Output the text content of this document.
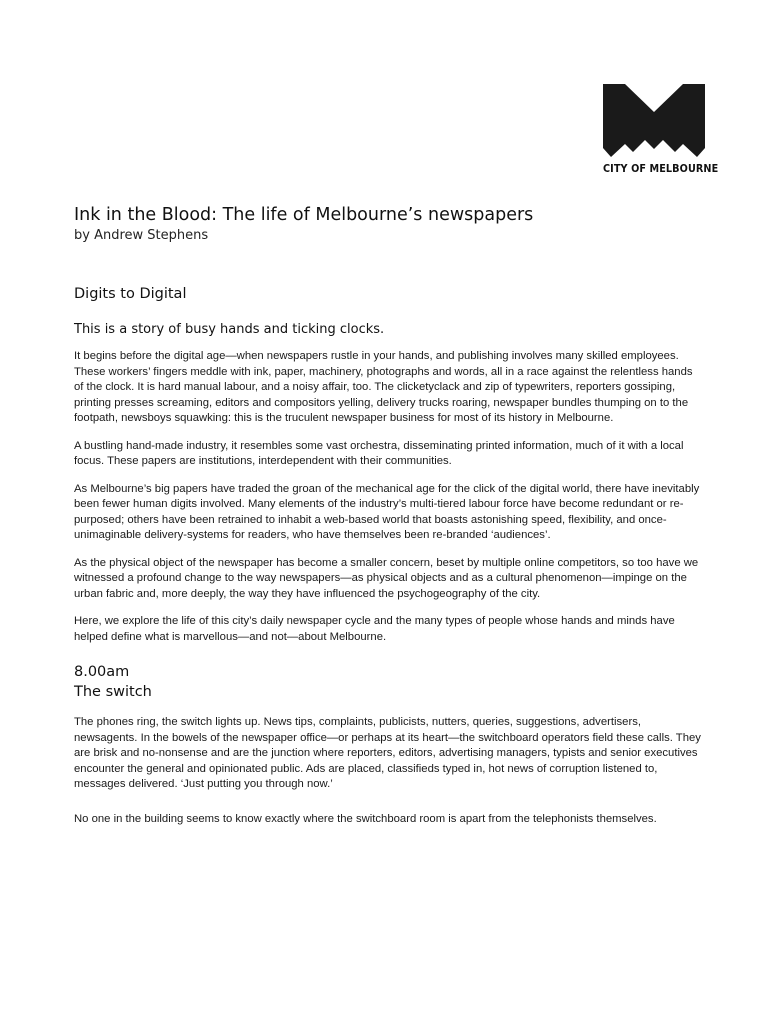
CITY OF MELBOURNE
Ink in the Blood: The life of Melbourne’s newspapers
by Andrew Stephens
Digits to Digital
This is a story of busy hands and ticking clocks.

It begins before the digital age—when newspapers rustle in your hands, and publishing involves many skilled employees. These workers’ fingers meddle with ink, paper, machinery, photographs and words, all in a race against the relentless hands of the clock. It is hard manual labour, and a noisy affair, too. The clicketyclack and zip of typewriters, reporters gossiping, printing presses screaming, editors and compositors yelling, delivery trucks roaring, newspaper bundles thumping on to the footpath, newsboys squawking: this is the truculent newspaper business for most of its history in Melbourne.

A bustling hand-made industry, it resembles some vast orchestra, disseminating printed information, much of it with a local focus. These papers are institutions, interdependent with their communities.

As Melbourne’s big papers have traded the groan of the mechanical age for the click of the digital world, there have inevitably been fewer human digits involved. Many elements of the industry’s multi-tiered labour force have become redundant or re-purposed; others have been retrained to inhabit a web-based world that boasts astonishing speed, flexibility, and once-unimaginable delivery-systems for readers, who have themselves been re-branded ‘audiences’.

As the physical object of the newspaper has become a smaller concern, beset by multiple online competitors, so too have we witnessed a profound change to the way newspapers—as physical objects and as a cultural phenomenon—impinge on the urban fabric and, more deeply, the way they have influenced the psychogeography of the city.

Here, we explore the life of this city’s daily newspaper cycle and the many types of people whose hands and minds have helped define what is marvellous—and not—about Melbourne.

8.00am
The switch

The phones ring, the switch lights up. News tips, complaints, publicists, nutters, queries, suggestions, advertisers, newsagents. In the bowels of the newspaper office—or perhaps at its heart—the switchboard operators field these calls. They are brisk and no-nonsense and are the junction where reporters, editors, advertising managers, typists and senior executives encounter the general and opinionated public. Ads are placed, classifieds typed in, hot news of corruption listened to, messages delivered. ‘Just putting you through now.’

No one in the building seems to know exactly where the switchboard room is apart from the telephonists themselves.
